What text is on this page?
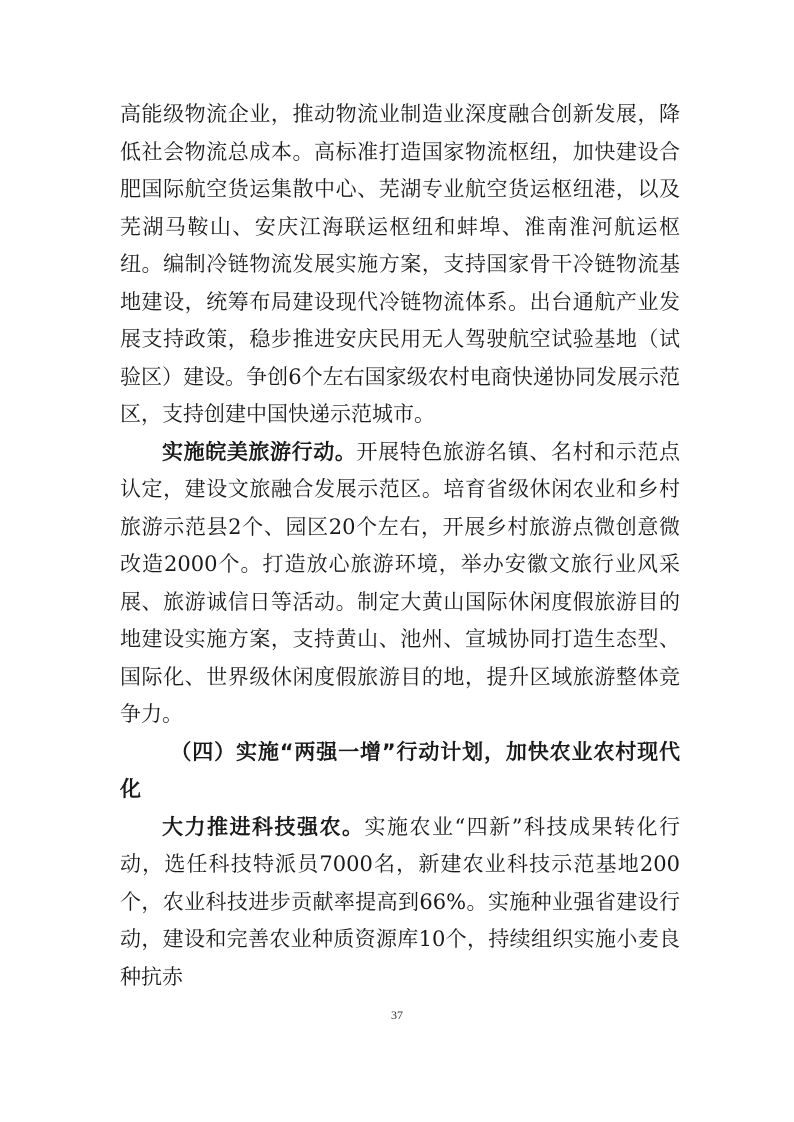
高能级物流企业，推动物流业制造业深度融合创新发展，降低社会物流总成本。高标准打造国家物流枢纽，加快建设合肥国际航空货运集散中心、芜湖专业航空货运枢纽港，以及芜湖马鞍山、安庆江海联运枢纽和蚌埠、淮南淮河航运枢纽。编制冷链物流发展实施方案，支持国家骨干冷链物流基地建设，统筹布局建设现代冷链物流体系。出台通航产业发展支持政策，稳步推进安庆民用无人驾驶航空试验基地（试验区）建设。争创6个左右国家级农村电商快递协同发展示范区，支持创建中国快递示范城市。

实施皖美旅游行动。开展特色旅游名镇、名村和示范点认定，建设文旅融合发展示范区。培育省级休闲农业和乡村旅游示范县2个、园区20个左右，开展乡村旅游点微创意微改造2000个。打造放心旅游环境，举办安徽文旅行业风采展、旅游诚信日等活动。制定大黄山国际休闲度假旅游目的地建设实施方案，支持黄山、池州、宣城协同打造生态型、国际化、世界级休闲度假旅游目的地，提升区域旅游整体竞争力。

（四）实施“两强一增”行动计划，加快农业农村现代化

大力推进科技强农。实施农业“四新”科技成果转化行动，选任科技特派员7000名，新建农业科技示范基地200个，农业科技进步贡献率提高到66%。实施种业强省建设行动，建设和完善农业种质资源库10个，持续组织实施小麦良种抗赤

37
